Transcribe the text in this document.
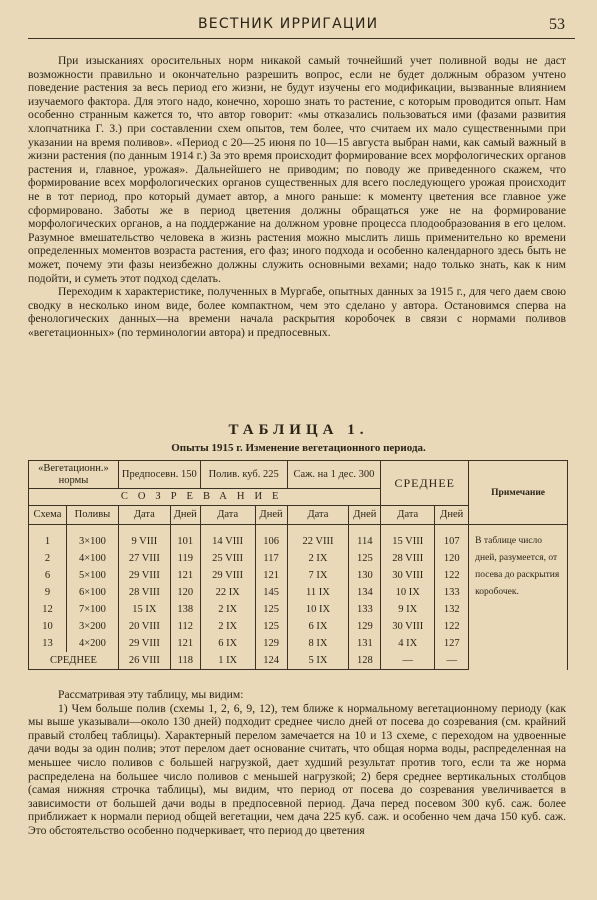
ВЕСТНИК ИРРИГАЦИИ	53

При изысканиях оросительных норм никакой самый точнейший учет поливной воды не даст возможности правильно и окончательно разрешить вопрос, если не будет должным образом учтено поведение растения за весь период его жизни, не будут изучены его модификации, вызванные влиянием изучаемого фактора. Для этого надо, конечно, хорошо знать то растение, с которым проводится опыт. Нам особенно странным кажется то, что автор говорит: «мы отказались пользоваться ими (фазами развития хлопчатника Г. З.) при составлении схем опытов, тем более, что считаем их мало существенными при указании на время поливов». «Период с 20—25 июня по 10—15 августа выбран нами, как самый важный в жизни растения (по данным 1914 г.) За это время происходит формирование всех морфологических органов растения и, главное, урожая». Дальнейшего не приводим; по поводу же приведенного скажем, что формирование всех морфологических органов существенных для всего последующего урожая происходит не в тот период, про который думает автор, а много раньше: к моменту цветения все главное уже сформировано. Заботы же в период цветения должны обращаться уже не на формирование морфологических органов, а на поддержание на должном уровне процесса плодообразования в его целом. Разумное вмешательство человека в жизнь растения можно мыслить лишь применительно ко времени определенных моментов возраста растения, его фаз; иного подхода и особенно календарного здесь быть не может, почему эти фазы неизбежно должны служить основными вехами; надо только знать, как к ним подойти, и суметь этот подход сделать.

Переходим к характеристике, полученных в Мургабе, опытных данных за 1915 г., для чего даем свою сводку в несколько ином виде, более компактном, чем это сделано у автора. Остановимся сперва на фенологических данных—на времени начала раскрытия коробочек в связи с нормами поливов «вегетационных» (по терминологии автора) и предпосевных.

ТАБЛИЦА 1.
Опыты 1915 г. Изменение вегетационного периода.
«Вегетационн.» нормы		Предпосевн. 150		Полив. куб. 225		Саж. на 1 дес. 300		СРЕДНЕЕ		Примечание
СОЗРЕВАНИЕ										
Схема	Поливы	Дата	Дней	Дата	Дней	Дата	Дней	Дата	Дней	
1	3×100	9 VIII	101	14 VIII	106	22 VIII	114	15 VIII	107	В таблице число дней, разумеется, от посева до раскрытия коробочек.
2	4×100	27 VIII	119	25 VIII	117	2 IX	125	28 VIII	120	
6	5×100	29 VIII	121	29 VIII	121	7 IX	130	30 VIII	122	
9	6×100	28 VIII	120	22 IX	145	11 IX	134	10 IX	133	
12	7×100	15 IX	138	2 IX	125	10 IX	133	9 IX	132	
10	3×200	20 VIII	112	2 IX	125	6 IX	129	30 VIII	122	
13	4×200	29 VIII	121	6 IX	129	8 IX	131	4 IX	127	
СРЕДНЕЕ		26 VIII	118	1 IX	124	5 IX	128	—	—	

Рассматривая эту таблицу, мы видим:

1) Чем больше полив (схемы 1, 2, 6, 9, 12), тем ближе к нормальному вегетационному периоду (как мы выше указывали—около 130 дней) подходит среднее число дней от посева до созревания (см. крайний правый столбец таблицы). Характерный перелом замечается на 10 и 13 схеме, с переходом на удвоенные дачи воды за один полив; этот перелом дает основание считать, что общая норма воды, распределенная на меньшее число поливов с большей нагрузкой, дает худший результат против того, если та же норма распределена на большее число поливов с меньшей нагрузкой; 2) беря среднее вертикальных столбцов (самая нижняя строчка таблицы), мы видим, что период от посева до созревания увеличивается в зависимости от большей дачи воды в предпосевной период. Дача перед посевом 300 куб. саж. более приближает к нормали период общей вегетации, чем дача 225 куб. саж. и особенно чем дача 150 куб. саж. Это обстоятельство особенно подчеркивает, что период до цветения
